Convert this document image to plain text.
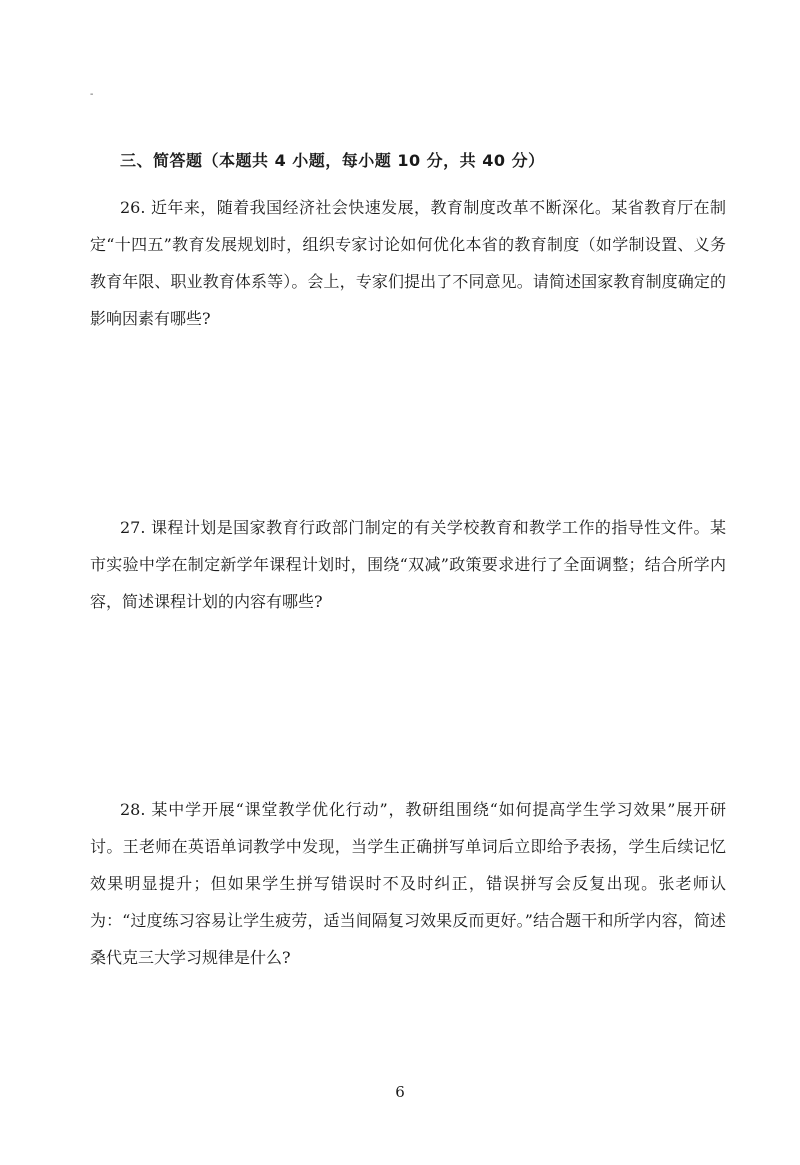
-
三、简答题（本题共 4 小题，每小题 10 分，共 40 分）

26. 近年来，随着我国经济社会快速发展，教育制度改革不断深化。某省教育厅在制定“十四五”教育发展规划时，组织专家讨论如何优化本省的教育制度（如学制设置、义务教育年限、职业教育体系等）。会上，专家们提出了不同意见。请简述国家教育制度确定的影响因素有哪些?

27. 课程计划是国家教育行政部门制定的有关学校教育和教学工作的指导性文件。某市实验中学在制定新学年课程计划时，围绕“双减”政策要求进行了全面调整；结合所学内容，简述课程计划的内容有哪些?

28. 某中学开展“课堂教学优化行动”，教研组围绕“如何提高学生学习效果”展开研讨。王老师在英语单词教学中发现，当学生正确拼写单词后立即给予表扬，学生后续记忆效果明显提升；但如果学生拼写错误时不及时纠正，错误拼写会反复出现。张老师认为：“过度练习容易让学生疲劳，适当间隔复习效果反而更好。”结合题干和所学内容，简述桑代克三大学习规律是什么?

6
